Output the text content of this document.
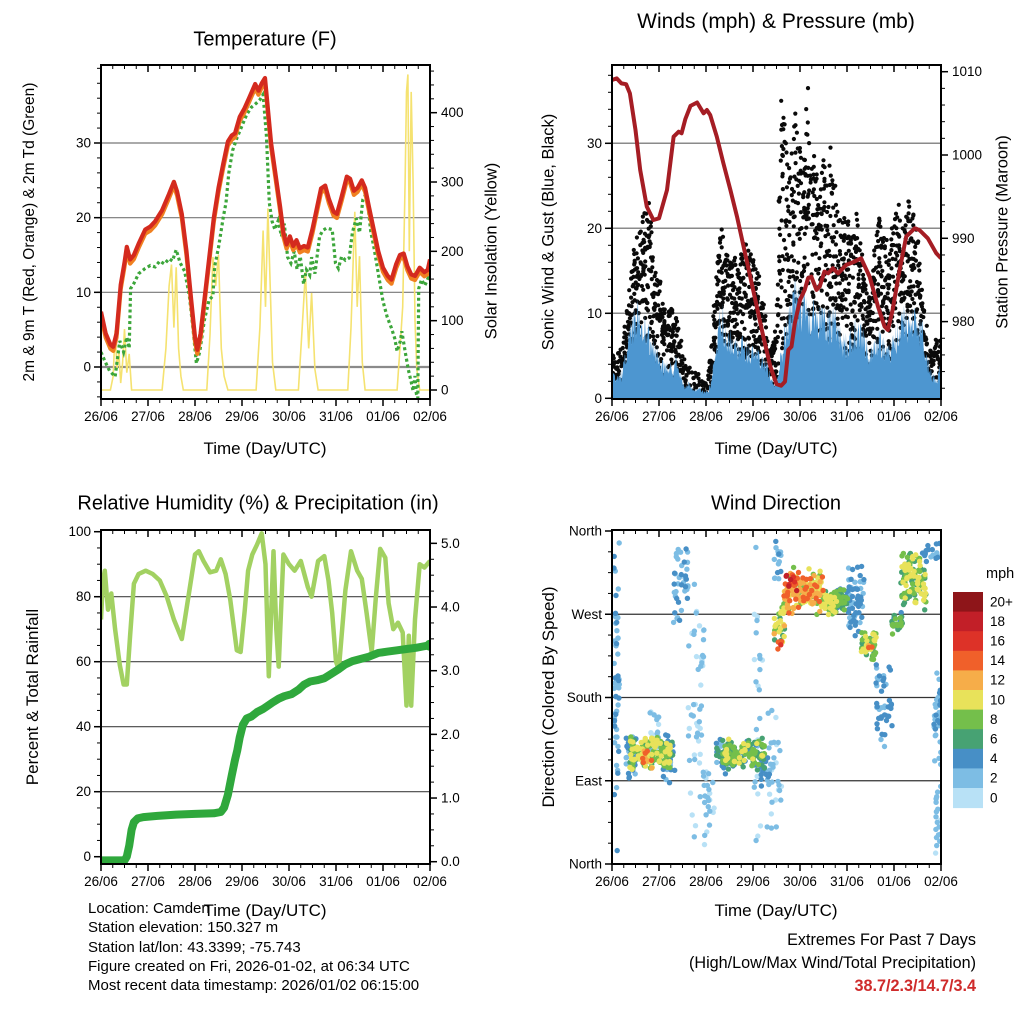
Temperature (F)
2m & 9m T (Red, Orange) & 2m Td (Green)	Solar Insolation (Yellow)
Time (Day/UTC)
26/06 27/06 28/06 29/06 30/06 31/06 01/06 02/06
0
10
20
30
0
100
200
300
400
Winds (mph) & Pressure (mb)
Sonic Wind & Gust (Blue, Black)	Station Pressure (Maroon)
Time (Day/UTC)
26/06 27/06 28/06 29/06 30/06 31/06 01/06 02/06
0
10
20
30
980
990
1000
1010
Relative Humidity (%) & Precipitation (in)
Percent & Total Rainfall
Time (Day/UTC)
26/06 27/06 28/06 29/06 30/06 31/06 01/06 02/06
0
20
40
60
80
100
0.0
1.0
2.0
3.0
4.0
5.0
Wind Direction
Direction (Colored By Speed)
Time (Day/UTC)
mph
26/06 27/06 28/06 29/06 30/06 31/06 01/06 02/06
North
West
South
East
North
20+
18
16
14
12
10
8
6
4
2
0
Location: Camden
Station elevation: 150.327 m
Station lat/lon: 43.3399; -75.743
Figure created on Fri, 2026-01-02, at 06:34 UTC
Most recent data timestamp: 2026/01/02 06:15:00
Extremes For Past 7 Days
(High/Low/Max Wind/Total Precipitation)
38.7/2.3/14.7/3.4
